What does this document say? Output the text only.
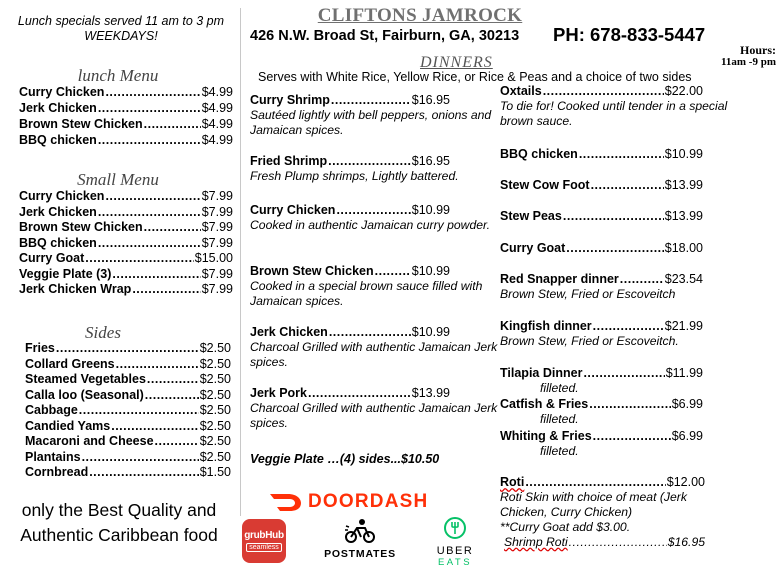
Lunch specials served 11 am to 3 pm WEEKDAYS!
CLIFTONS JAMROCK
426 N.W. Broad St, Fairburn, GA, 30213 PH: 678-833-5447
Hours:
11am -9 pm
lunch Menu
Curry Chicken .....	$4.99
Jerk Chicken .....	$4.99
Brown Stew Chicken .....	$4.99
BBQ chicken .....	$4.99
Small Menu
Curry Chicken .....	$7.99
Jerk Chicken .....	$7.99
Brown Stew Chicken .....	$7.99
BBQ chicken .....	$7.99
Curry Goat .....	$15.00
Veggie Plate (3) .....	$7.99
Jerk Chicken Wrap .....	$7.99
Sides
Fries .....	$2.50
Collard Greens .....	$2.50
Steamed Vegetables .....	$2.50
Calla loo (Seasonal) .....	$2.50
Cabbage .....	$2.50
Candied Yams .....	$2.50
Macaroni and Cheese .....	$2.50
Plantains .....	$2.50
Cornbread .....	$1.50
only the Best Quality and Authentic Caribbean food
DINNERS
Serves with White Rice, Yellow Rice, or Rice & Peas and a choice of two sides
Curry Shrimp .....	$16.95
Sautéed lightly with bell peppers, onions and Jamaican spices.
Fried Shrimp .....	$16.95
Fresh Plump shrimps, Lightly battered.
Curry Chicken .....	$10.99
Cooked in authentic Jamaican curry powder.
Brown Stew Chicken .....	$10.99
Cooked in a special brown sauce filled with Jamaican spices.
Jerk Chicken .....	$10.99
Charcoal Grilled with authentic Jamaican Jerk spices.
Jerk Pork .....	$13.99
Charcoal Grilled with authentic Jamaican Jerk spices.
Veggie Plate …(4) sides...$10.50
Oxtails .....	$22.00
To die for! Cooked until tender in a special brown sauce.
BBQ chicken .....	$10.99
Stew Cow Foot .....	$13.99
Stew Peas .....	$13.99
Curry Goat .....	$18.00
Red Snapper dinner .....	$23.54
Brown Stew, Fried or Escoveitch
Kingfish dinner .....	$21.99
Brown Stew, Fried or Escoveitch.
Tilapia Dinner .....	$11.99
filleted.
Catfish & Fries .....	$6.99
filleted.
Whiting & Fries .....	$6.99
filleted.
Roti .....	$12.00
Roti Skin with choice of meat (Jerk Chicken, Curry Chicken)
**Curry Goat add $3.00.
Shrimp Roti .....	$16.95
DOORDASH
grubHub
seamless
POSTMATES	UBER
EATS
